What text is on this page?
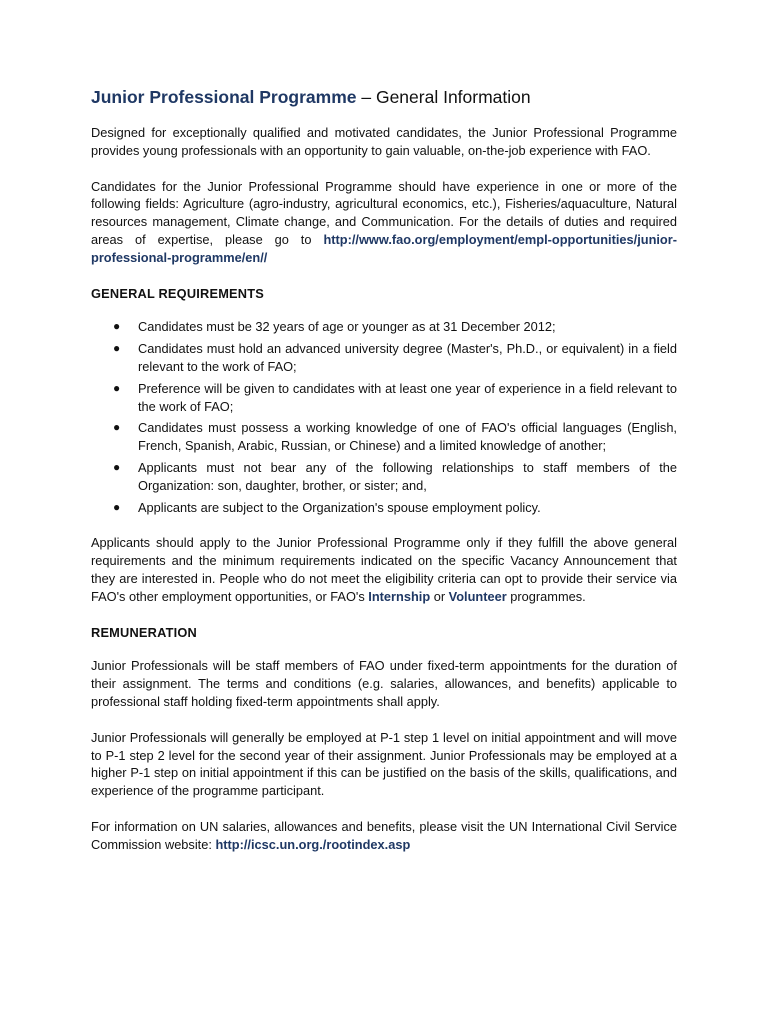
Junior Professional Programme – General Information

Designed for exceptionally qualified and motivated candidates, the Junior Professional Programme provides young professionals with an opportunity to gain valuable, on-the-job experience with FAO.

Candidates for the Junior Professional Programme should have experience in one or more of the following fields: Agriculture (agro-industry, agricultural economics, etc.), Fisheries/aquaculture, Natural resources management, Climate change, and Communication. For the details of duties and required areas of expertise, please go to http://www.fao.org/employment/empl-opportunities/junior-professional-programme/en//

GENERAL REQUIREMENTS
● Candidates must be 32 years of age or younger as at 31 December 2012;
● Candidates must hold an advanced university degree (Master's, Ph.D., or equivalent) in a field relevant to the work of FAO;
● Preference will be given to candidates with at least one year of experience in a field relevant to the work of FAO;
● Candidates must possess a working knowledge of one of FAO's official languages (English, French, Spanish, Arabic, Russian, or Chinese) and a limited knowledge of another;
● Applicants must not bear any of the following relationships to staff members of the Organization: son, daughter, brother, or sister; and,
● Applicants are subject to the Organization's spouse employment policy.

Applicants should apply to the Junior Professional Programme only if they fulfill the above general requirements and the minimum requirements indicated on the specific Vacancy Announcement that they are interested in. People who do not meet the eligibility criteria can opt to provide their service via FAO's other employment opportunities, or FAO's Internship or Volunteer programmes.

REMUNERATION

Junior Professionals will be staff members of FAO under fixed-term appointments for the duration of their assignment. The terms and conditions (e.g. salaries, allowances, and benefits) applicable to professional staff holding fixed-term appointments shall apply.

Junior Professionals will generally be employed at P-1 step 1 level on initial appointment and will move to P-1 step 2 level for the second year of their assignment. Junior Professionals may be employed at a higher P-1 step on initial appointment if this can be justified on the basis of the skills, qualifications, and experience of the programme participant.

For information on UN salaries, allowances and benefits, please visit the UN International Civil Service Commission website: http://icsc.un.org./rootindex.asp
